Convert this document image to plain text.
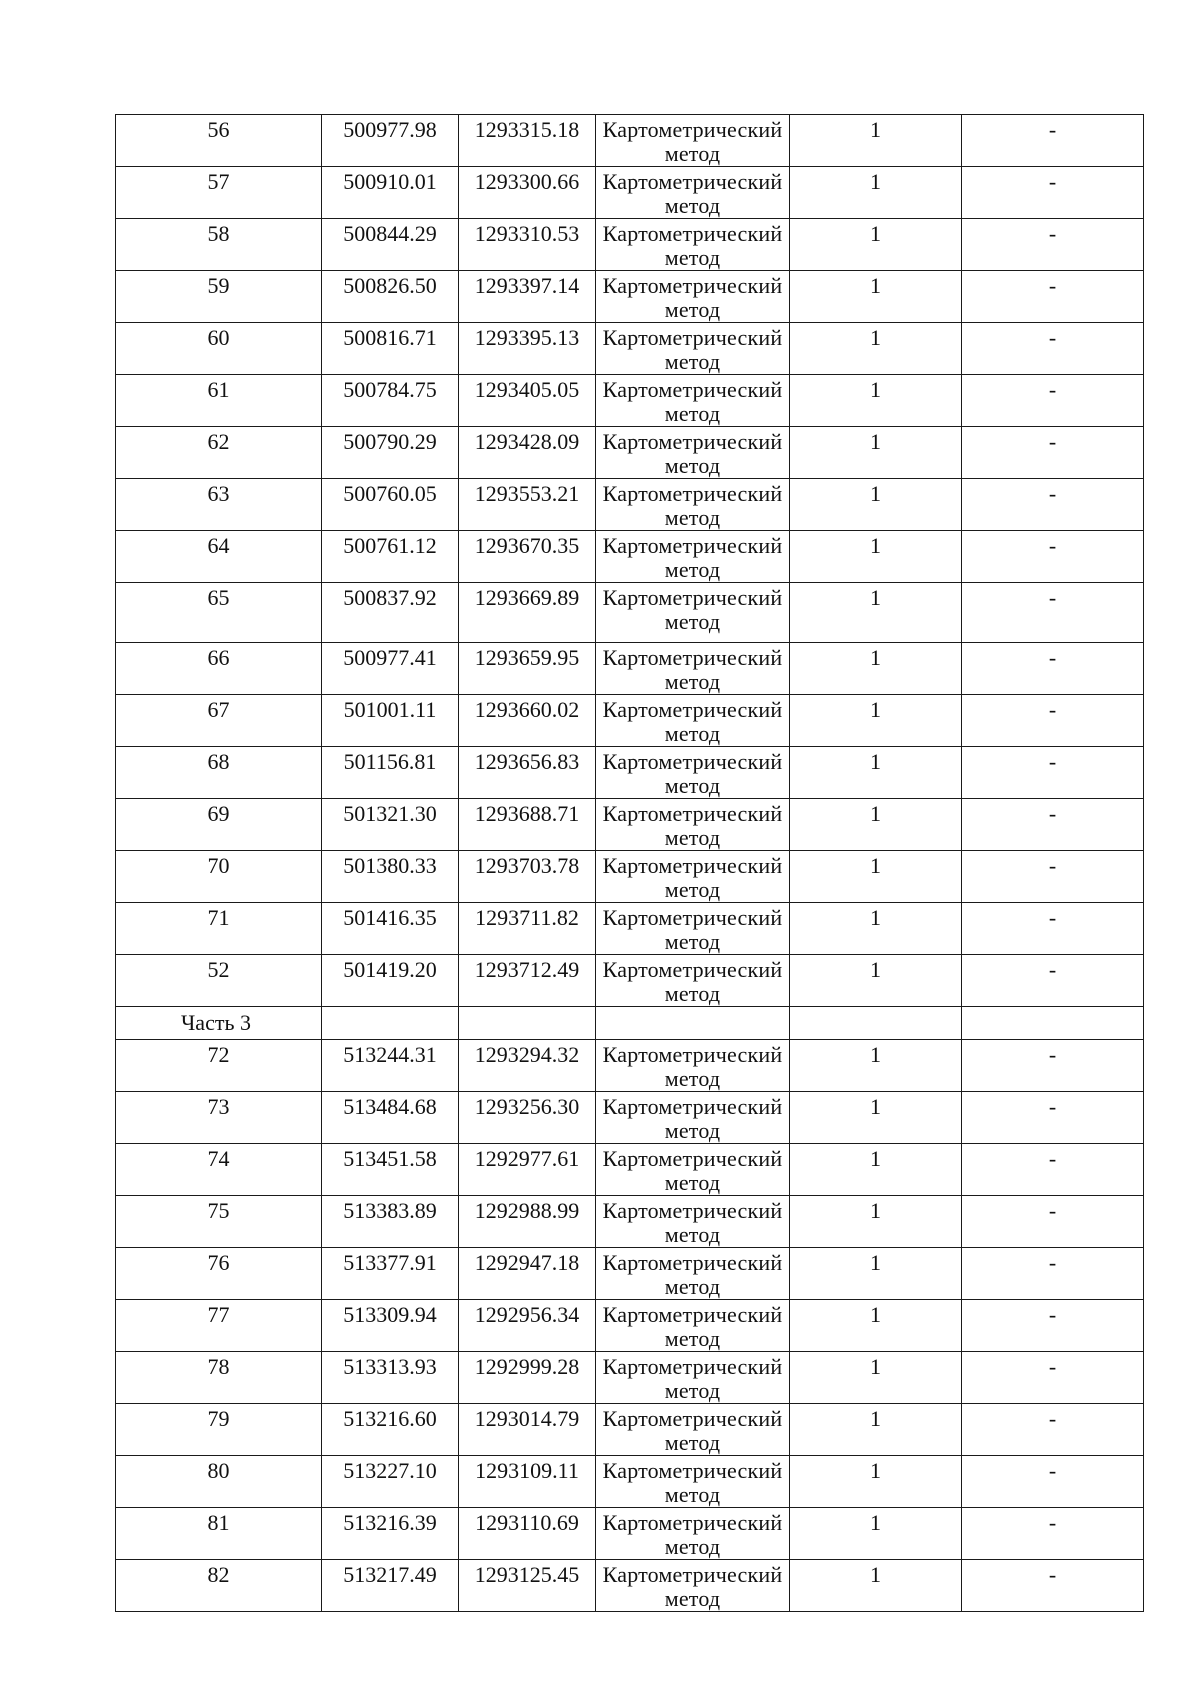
56	500977.98	1293315.18	Картометрический
метод	1	-

57	500910.01	1293300.66	Картометрический
метод	1	-

58	500844.29	1293310.53	Картометрический
метод	1	-

59	500826.50	1293397.14	Картометрический
метод	1	-

60	500816.71	1293395.13	Картометрический
метод	1	-

61	500784.75	1293405.05	Картометрический
метод	1	-

62	500790.29	1293428.09	Картометрический
метод	1	-

63	500760.05	1293553.21	Картометрический
метод	1	-

64	500761.12	1293670.35	Картометрический
метод	1	-

65	500837.92	1293669.89	Картометрический
метод	1	-

66	500977.41	1293659.95	Картометрический
метод	1	-

67	501001.11	1293660.02	Картометрический
метод	1	-

68	501156.81	1293656.83	Картометрический
метод	1	-

69	501321.30	1293688.71	Картометрический
метод	1	-

70	501380.33	1293703.78	Картометрический
метод	1	-

71	501416.35	1293711.82	Картометрический
метод	1	-

52	501419.20	1293712.49	Картометрический
метод	1	-

Часть 3					

72	513244.31	1293294.32	Картометрический
метод	1	-

73	513484.68	1293256.30	Картометрический
метод	1	-

74	513451.58	1292977.61	Картометрический
метод	1	-

75	513383.89	1292988.99	Картометрический
метод	1	-

76	513377.91	1292947.18	Картометрический
метод	1	-

77	513309.94	1292956.34	Картометрический
метод	1	-

78	513313.93	1292999.28	Картометрический
метод	1	-

79	513216.60	1293014.79	Картометрический
метод	1	-

80	513227.10	1293109.11	Картометрический
метод	1	-

81	513216.39	1293110.69	Картометрический
метод	1	-

82	513217.49	1293125.45	Картометрический
метод	1	-
